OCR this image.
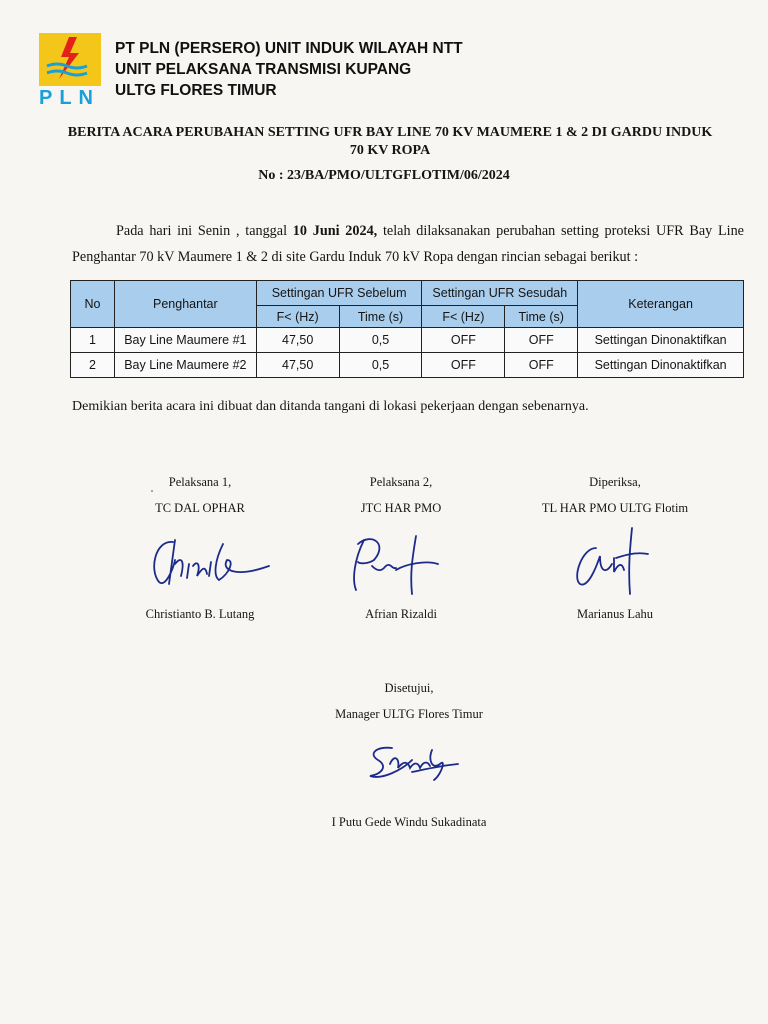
PLN
PT PLN (PERSERO) UNIT INDUK WILAYAH NTT
UNIT PELAKSANA TRANSMISI KUPANG
ULTG FLORES TIMUR
BERITA ACARA PERUBAHAN SETTING UFR BAY LINE 70 KV MAUMERE 1 & 2 DI GARDU INDUK 70 KV ROPA
No : 23/BA/PMO/ULTGFLOTIM/06/2024
Pada hari ini Senin , tanggal 10 Juni 2024, telah dilaksanakan perubahan setting proteksi UFR Bay Line Penghantar 70 kV Maumere 1 & 2 di site Gardu Induk 70 kV Ropa dengan rincian sebagai berikut :
No	Penghantar	Settingan UFR Sebelum		Settingan UFR Sesudah		Keterangan
		F< (Hz)	Time (s)	F< (Hz)	Time (s)	
1	Bay Line Maumere #1	47,50	0,5	OFF	OFF	Settingan Dinonaktifkan
2	Bay Line Maumere #2	47,50	0,5	OFF	OFF	Settingan Dinonaktifkan
Demikian berita acara ini dibuat dan ditanda tangani di lokasi pekerjaan dengan sebenarnya.
Pelaksana 1,
TC DAL OPHAR
Christianto B. Lutang
Pelaksana 2,
JTC HAR PMO
Afrian Rizaldi
Diperiksa,
TL HAR PMO ULTG Flotim
Marianus Lahu
Disetujui,
Manager ULTG Flores Timur
I Putu Gede Windu Sukadinata
